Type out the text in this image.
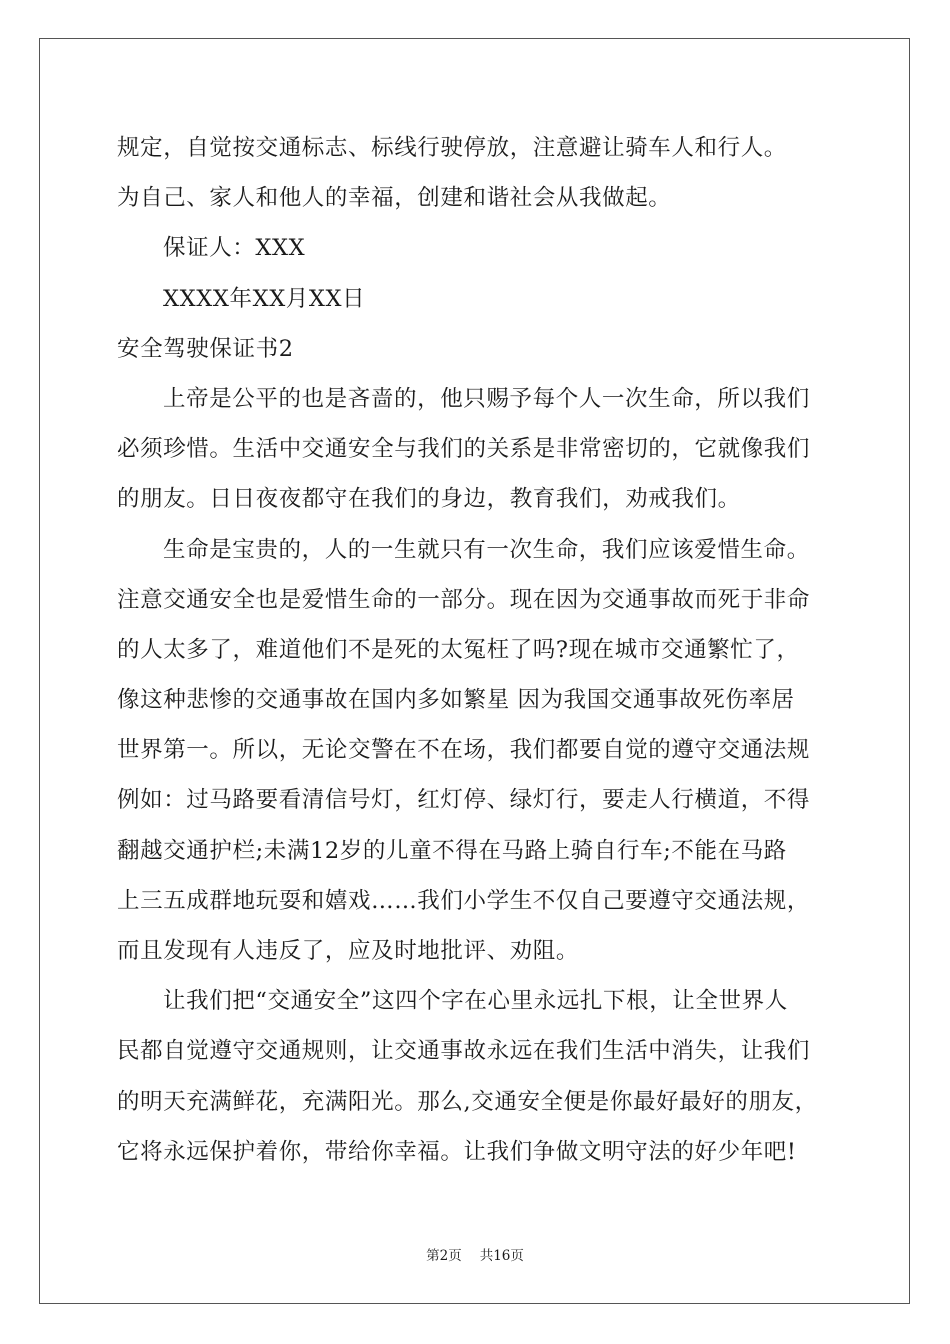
规定，自觉按交通标志、标线行驶停放，注意避让骑车人和行人。
为自己、家人和他人的幸福，创建和谐社会从我做起。
保证人：XXX
XXXX年XX月XX日
安全驾驶保证书2
上帝是公平的也是吝啬的，他只赐予每个人一次生命，所以我们
必须珍惜。生活中交通安全与我们的关系是非常密切的，它就像我们
的朋友。日日夜夜都守在我们的身边，教育我们，劝戒我们。
生命是宝贵的，人的一生就只有一次生命，我们应该爱惜生命。
注意交通安全也是爱惜生命的一部分。现在因为交通事故而死于非命
的人太多了，难道他们不是死的太冤枉了吗?现在城市交通繁忙了，
像这种悲惨的交通事故在国内多如繁星 因为我国交通事故死伤率居
世界第一。所以，无论交警在不在场，我们都要自觉的遵守交通法规
例如：过马路要看清信号灯，红灯停、绿灯行，要走人行横道，不得
翻越交通护栏;未满12岁的儿童不得在马路上骑自行车;不能在马路
上三五成群地玩耍和嬉戏……我们小学生不仅自己要遵守交通法规，
而且发现有人违反了，应及时地批评、劝阻。
让我们把“交通安全”这四个字在心里永远扎下根，让全世界人
民都自觉遵守交通规则，让交通事故永远在我们生活中消失，让我们
的明天充满鲜花，充满阳光。那么,交通安全便是你最好最好的朋友，
它将永远保护着你，带给你幸福。让我们争做文明守法的好少年吧!
第2页 共16页
